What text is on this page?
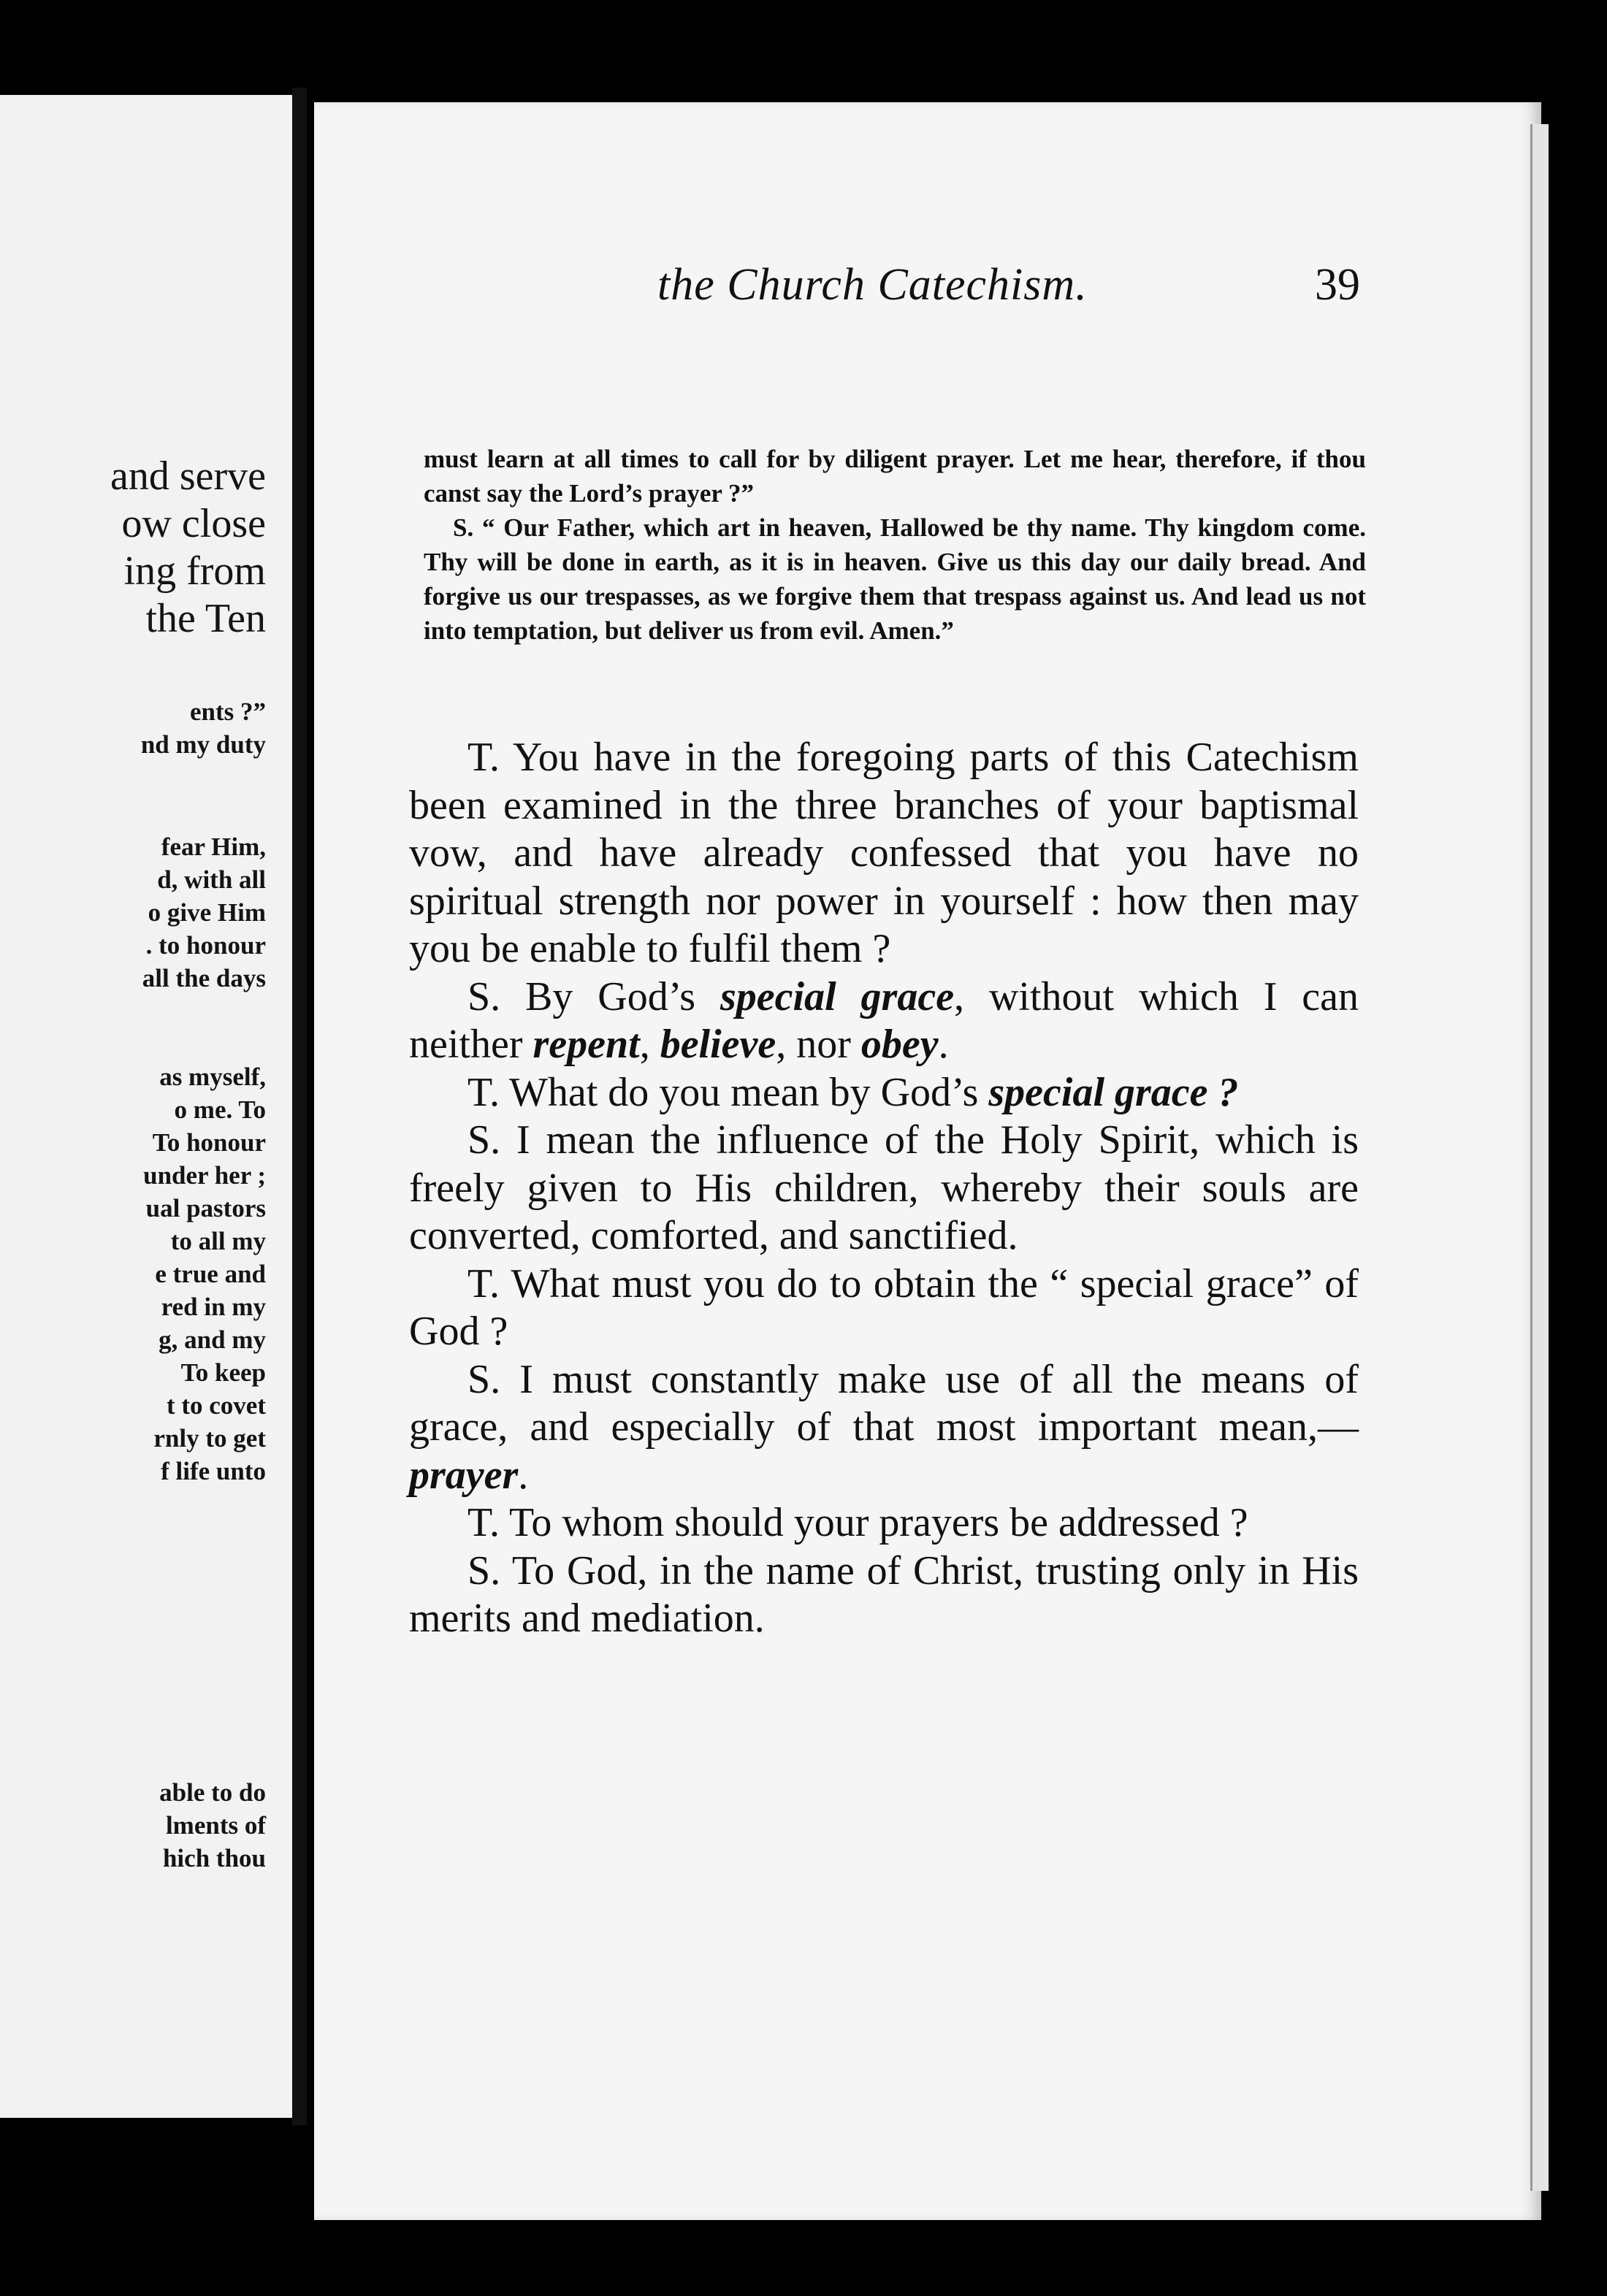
and serve
ow close
ing from
the Ten
ents ?”
nd my duty
fear Him,
d, with all
o give Him
. to honour
all the days
as myself,
o me. To
To honour
under her ;
ual pastors
to all my
e true and
red in my
g, and my
To keep
t to covet
rnly to get
f life unto
able to do
lments of
hich thou
the Church Catechism.	39

must learn at all times to call for by diligent prayer. Let me hear, therefore, if thou canst say the Lord’s prayer ?”

S. “ Our Father, which art in heaven, Hallowed be thy name. Thy kingdom come. Thy will be done in earth, as it is in heaven. Give us this day our daily bread. And forgive us our trespasses, as we forgive them that trespass against us. And lead us not into temptation, but deliver us from evil. Amen.”

T. You have in the foregoing parts of this Catechism been examined in the three branches of your baptismal vow, and have already confessed that you have no spiritual strength nor power in yourself : how then may you be enable to fulfil them ?

S. By God’s special grace, without which I can neither repent, believe, nor obey.

T. What do you mean by God’s special grace ?

S. I mean the influence of the Holy Spirit, which is freely given to His children, whereby their souls are converted, comforted, and sanctified.

T. What must you do to obtain the “ special grace” of God ?

S. I must constantly make use of all the means of grace, and especially of that most important mean,—prayer.

T. To whom should your prayers be addressed ?

S. To God, in the name of Christ, trusting only in His merits and mediation.
